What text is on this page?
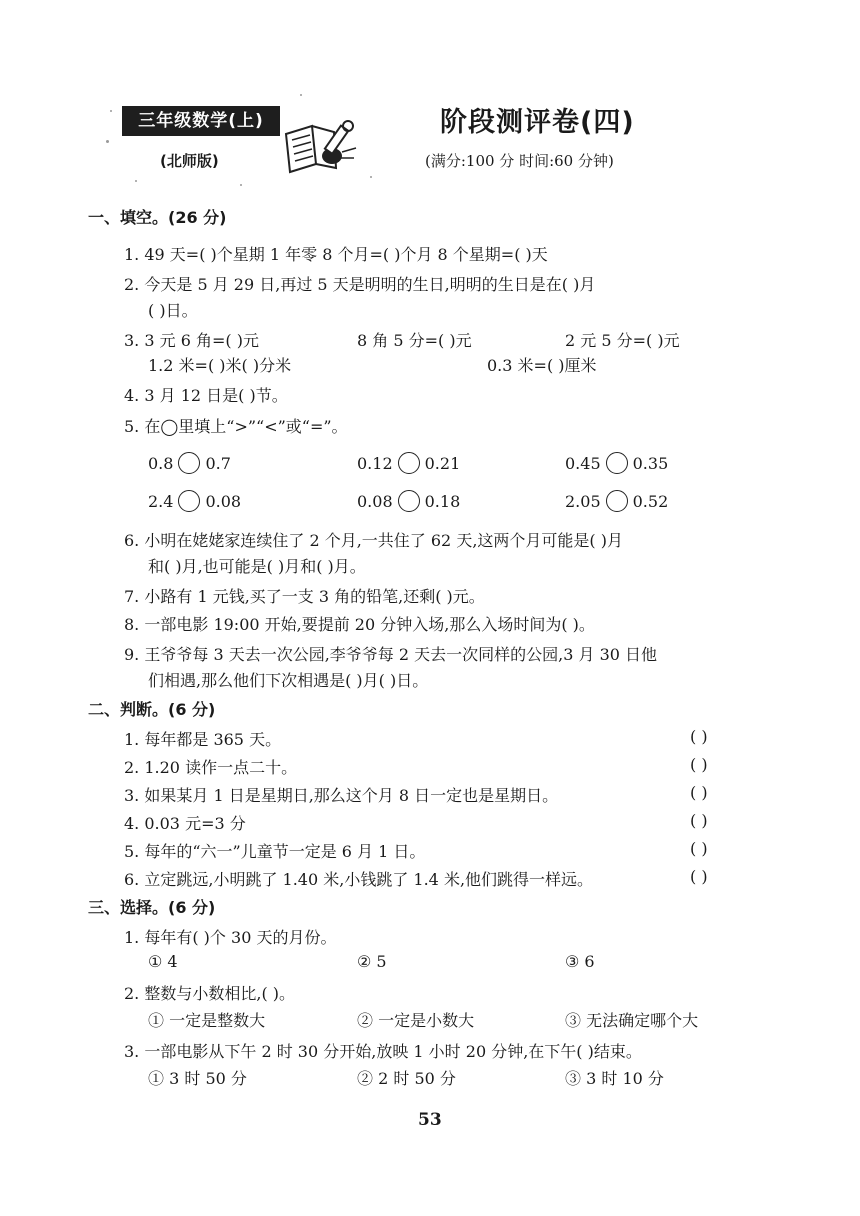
三年级数学(上)
(北师版)
阶段测评卷(四)
(满分:100 分 时间:60 分钟)
一、填空。(26 分)
1. 49 天=( )个星期 1 年零 8 个月=( )个月 8 个星期=( )天
2. 今天是 5 月 29 日,再过 5 天是明明的生日,明明的生日是在( )月
( )日。
3. 3 元 6 角=( )元	8 角 5 分=( )元	2 元 5 分=( )元
1.2 米=( )米( )分米	0.3 米=( )厘米
4. 3 月 12 日是( )节。
5. 在◯里填上“>”“<”或“=”。
0.8 0.7	0.12 0.21	0.45 0.35
2.4 0.08	0.08 0.18	2.05 0.52
6. 小明在姥姥家连续住了 2 个月,一共住了 62 天,这两个月可能是( )月
和( )月,也可能是( )月和( )月。
7. 小路有 1 元钱,买了一支 3 角的铅笔,还剩( )元。
8. 一部电影 19:00 开始,要提前 20 分钟入场,那么入场时间为( )。
9. 王爷爷每 3 天去一次公园,李爷爷每 2 天去一次同样的公园,3 月 30 日他
们相遇,那么他们下次相遇是( )月( )日。
二、判断。(6 分)
1. 每年都是 365 天。	( )
2. 1.20 读作一点二十。	( )
3. 如果某月 1 日是星期日,那么这个月 8 日一定也是星期日。	( )
4. 0.03 元=3 分	( )
5. 每年的“六一”儿童节一定是 6 月 1 日。	( )
6. 立定跳远,小明跳了 1.40 米,小钱跳了 1.4 米,他们跳得一样远。	( )
三、选择。(6 分)
1. 每年有( )个 30 天的月份。
① 4	② 5	③ 6
2. 整数与小数相比,( )。
① 一定是整数大	② 一定是小数大	③ 无法确定哪个大
3. 一部电影从下午 2 时 30 分开始,放映 1 小时 20 分钟,在下午( )结束。
① 3 时 50 分	② 2 时 50 分	③ 3 时 10 分
53
